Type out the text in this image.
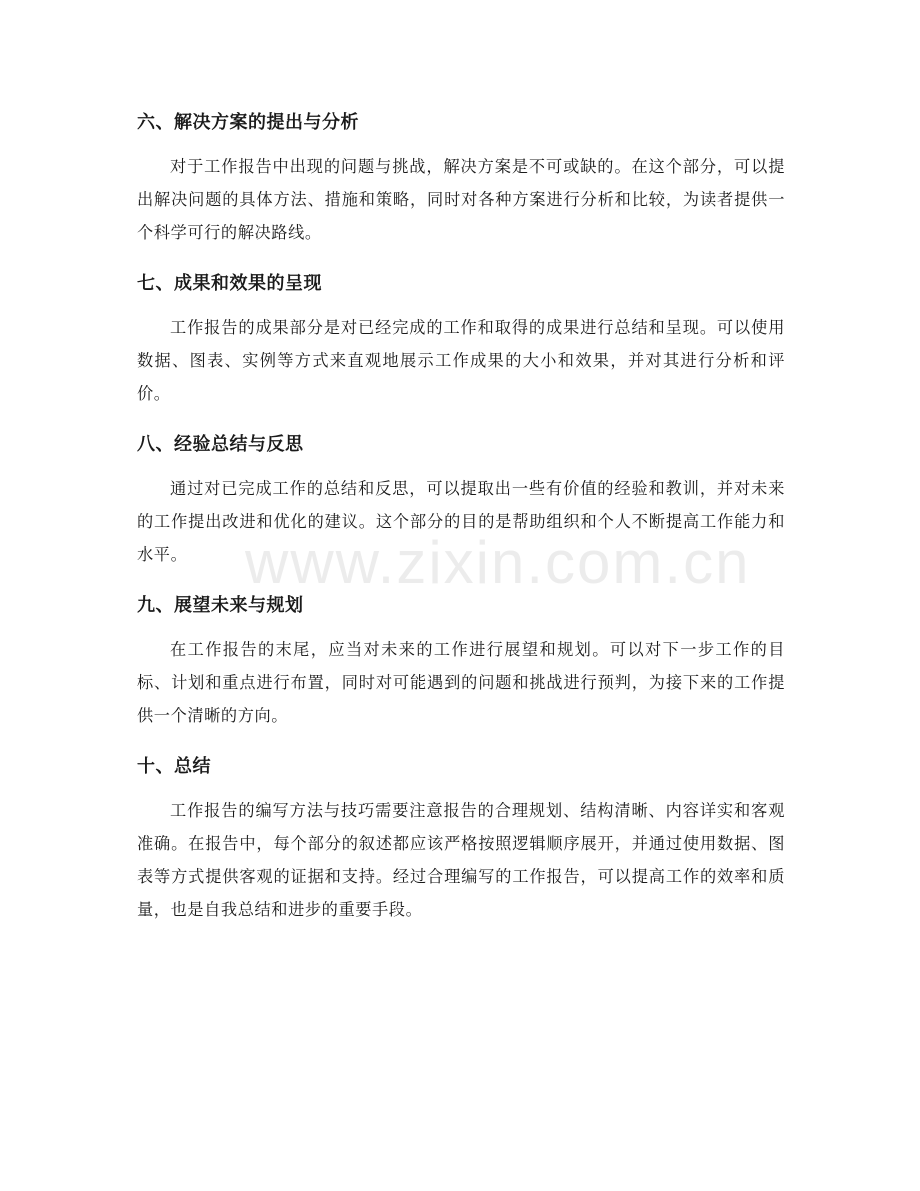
六、解决方案的提出与分析

对于工作报告中出现的问题与挑战，解决方案是不可或缺的。在这个部分，可以提出解决问题的具体方法、措施和策略，同时对各种方案进行分析和比较，为读者提供一个科学可行的解决路线。

七、成果和效果的呈现

工作报告的成果部分是对已经完成的工作和取得的成果进行总结和呈现。可以使用数据、图表、实例等方式来直观地展示工作成果的大小和效果，并对其进行分析和评价。

八、经验总结与反思

通过对已完成工作的总结和反思，可以提取出一些有价值的经验和教训，并对未来的工作提出改进和优化的建议。这个部分的目的是帮助组织和个人不断提高工作能力和水平。

九、展望未来与规划

在工作报告的末尾，应当对未来的工作进行展望和规划。可以对下一步工作的目标、计划和重点进行布置，同时对可能遇到的问题和挑战进行预判，为接下来的工作提供一个清晰的方向。

十、总结

工作报告的编写方法与技巧需要注意报告的合理规划、结构清晰、内容详实和客观准确。在报告中，每个部分的叙述都应该严格按照逻辑顺序展开，并通过使用数据、图表等方式提供客观的证据和支持。经过合理编写的工作报告，可以提高工作的效率和质量，也是自我总结和进步的重要手段。

www.zixin.com.cn
